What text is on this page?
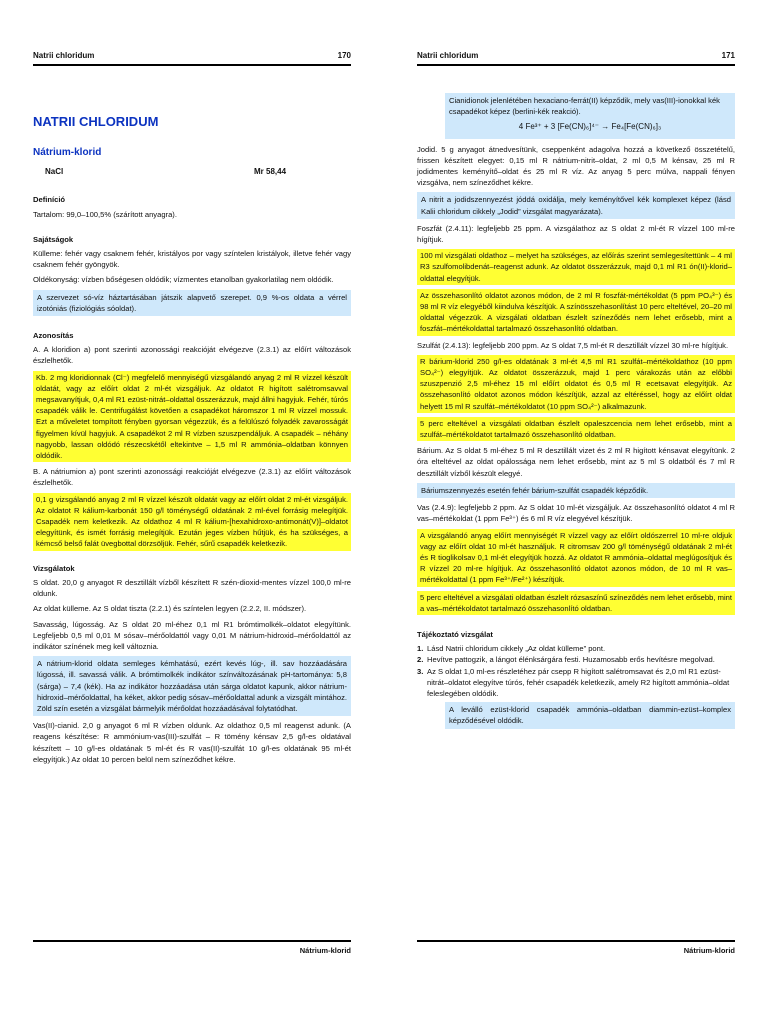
Natrii chloridum	170
NATRII CHLORIDUM
Nátrium-klorid
NaCl	Mr 58,44
Definíció

Tartalom: 99,0–100,5% (szárított anyagra).

Sajátságok

Külleme: fehér vagy csaknem fehér, kristályos por vagy színtelen kristályok, illetve fehér vagy csaknem fehér gyöngyök.

Oldékonyság: vízben bőségesen oldódik; vízmentes etanolban gyakorlatilag nem oldódik.

A szervezet só-víz háztartásában játszik alapvető szerepet. 0,9 %-os oldata a vérrel izotóniás (fiziológiás sóoldat).

Azonosítás

A. A kloridion a) pont szerinti azonossági reakcióját elvégezve (2.3.1) az előírt változások észlelhetők.

Kb. 2 mg kloridionnak (Cl⁻) megfelelő mennyiségű vizsgálandó anyag 2 ml R vízzel készült oldatát, vagy az előírt oldat 2 ml-ét vizsgáljuk. Az oldatot R higított salétromsavval megsavanyítjuk, 0,4 ml R1 ezüst-nitrát–oldattal összerázzuk, majd állni hagyjuk. Fehér, túrós csapadék válik le. Centrifugálást követően a csapadékot háromszor 1 ml R vízzel mossuk. Ezt a műveletet tompított fényben gyorsan végezzük, és a felülúszó folyadék zavarosságát figyelmen kívül hagyjuk. A csapadékot 2 ml R vízben szuszpendáljuk. A csapadék – néhány nagyobb, lassan oldódó részecskétől eltekintve – 1,5 ml R ammónia–oldatban könnyen oldódik.

B. A nátriumion a) pont szerinti azonossági reakcióját elvégezve (2.3.1) az előírt változások észlelhetők.

0,1 g vizsgálandó anyag 2 ml R vízzel készült oldatát vagy az előírt oldat 2 ml-ét vizsgáljuk. Az oldatot R kálium-karbonát 150 g/l töménységű oldatának 2 ml-ével forrásig melegítjük. Csapadék nem keletkezik. Az oldathoz 4 ml R kálium-[hexahidroxo-antimonát(V)]–oldatot elegyítünk, és ismét forrásig melegítjük. Ezután jeges vízben hűtjük, és ha szükséges, a kémcső belső falát üvegbottal dörzsöljük. Fehér, sűrű csapadék keletkezik.

Vizsgálatok

S oldat. 20,0 g anyagot R desztillált vízből készített R szén-dioxid-mentes vízzel 100,0 ml-re oldunk.

Az oldat külleme. Az S oldat tiszta (2.2.1) és színtelen legyen (2.2.2, II. módszer).

Savasság, lúgosság. Az S oldat 20 ml-éhez 0,1 ml R1 brómtimolkék–oldatot elegyítünk. Legfeljebb 0,5 ml 0,01 M sósav–mérőoldattól vagy 0,01 M nátrium-hidroxid–mérőoldattól az indikátor színének meg kell változnia.

A nátrium-klorid oldata semleges kémhatású, ezért kevés lúg-, ill. sav hozzáadására lúgossá, ill. savassá válik. A brómtimolkék indikátor színváltozásának pH-tartománya: 5,8 (sárga) – 7,4 (kék). Ha az indikátor hozzáadása után sárga oldatot kapunk, akkor nátrium-hidroxid–mérőoldattal, ha kéket, akkor pedig sósav–mérőoldattal adunk a vizsgált mintához. Zöld szín esetén a vizsgálat bármelyik mérőoldat hozzáadásával folytatódhat.

Vas(II)-cianid. 2,0 g anyagot 6 ml R vízben oldunk. Az oldathoz 0,5 ml reagenst adunk. (A reagens készítése: R ammónium-vas(III)-szulfát – R tömény kénsav 2,5 g/l-es oldatával készített – 10 g/l-es oldatának 5 ml-ét és R vas(II)-szulfát 10 g/l-es oldatának 95 ml-ét elegyítjük.) Az oldat 10 percen belül nem színeződhet kékre.

Nátrium-klorid
Natrii chloridum	171
Cianidionok jelenlétében hexaciano-ferrát(II) képződik, mely vas(III)-ionokkal kék csapadékot képez (berlini-kék reakció).
4 Fe³⁺ + 3 [Fe(CN)₆]⁴⁻ → Fe₄[Fe(CN)₆]₃

Jodid. 5 g anyagot átnedvesítünk, cseppenként adagolva hozzá a következő összetételű, frissen készített elegyet: 0,15 ml R nátrium-nitrit–oldat, 2 ml 0,5 M kénsav, 25 ml R jodidmentes keményítő–oldat és 25 ml R víz. Az anyag 5 perc múlva, nappali fényen vizsgálva, nem színeződhet kékre.

A nitrit a jodidszennyezést jóddá oxidálja, mely keményítővel kék komplexet képez (lásd Kalii chloridum cikkely „Jodid” vizsgálat magyarázata).

Foszfát (2.4.11): legfeljebb 25 ppm. A vizsgálathoz az S oldat 2 ml-ét R vízzel 100 ml-re hígítjuk.

100 ml vizsgálati oldathoz – melyet ha szükséges, az előírás szerint semlegesítettünk – 4 ml R3 szulfomolibdenát–reagenst adunk. Az oldatot összerázzuk, majd 0,1 ml R1 ón(II)-klorid–oldattal elegyítjük.

Az összehasonlító oldatot azonos módon, de 2 ml R foszfát-mértékoldat (5 ppm PO₄³⁻) és 98 ml R víz elegyéből kiindulva készítjük. A színösszehasonlítást 10 perc elteltével, 20–20 ml oldattal végezzük. A vizsgálati oldatban észlelt színeződés nem lehet erősebb, mint a foszfát–mértékoldattal tartalmazó összehasonlító oldatban.

Szulfát (2.4.13): legfeljebb 200 ppm. Az S oldat 7,5 ml-ét R desztillált vízzel 30 ml-re hígítjuk.

R bárium-klorid 250 g/l-es oldatának 3 ml-ét 4,5 ml R1 szulfát–mértékoldathoz (10 ppm SO₄²⁻) elegyítjük. Az oldatot összerázzuk, majd 1 perc várakozás után az előbbi szuszpenzió 2,5 ml-éhez 15 ml előírt oldatot és 0,5 ml R ecetsavat elegyítjük. Az összehasonlító oldatot azonos módon készítjük, azzal az eltéréssel, hogy az előírt oldat helyett 15 ml R szulfát–mértékoldatot (10 ppm SO₄²⁻) alkalmazunk.

5 perc elteltével a vizsgálati oldatban észlelt opaleszcencia nem lehet erősebb, mint a szulfát–mértékoldatot tartalmazó összehasonlító oldatban.

Bárium. Az S oldat 5 ml-éhez 5 ml R desztillált vizet és 2 ml R higított kénsavat elegyítünk. 2 óra elteltével az oldat opálossága nem lehet erősebb, mint az 5 ml S oldatból és 7 ml R desztillált vízből készült elegyé.

Báriumszennyezés esetén fehér bárium-szulfát csapadék képződik.

Vas (2.4.9): legfeljebb 2 ppm. Az S oldat 10 ml-ét vizsgáljuk. Az összehasonlító oldatot 4 ml R vas–mértékoldat (1 ppm Fe³⁺) és 6 ml R víz elegyével készítjük.

A vizsgálandó anyag előírt mennyiségét R vízzel vagy az előírt oldószerrel 10 ml-re oldjuk vagy az előírt oldat 10 ml-ét használjuk. R citromsav 200 g/l töménységű oldatának 2 ml-ét és R tioglikolsav 0,1 ml-ét elegyítjük hozzá. Az oldatot R ammónia–oldattal meglúgosítjuk és R vízzel 20 ml-re hígítjuk. Az összehasonlító oldatot azonos módon, de 10 ml R vas–mértékoldattal (1 ppm Fe³⁺/Fe²⁺) készítjük.

5 perc elteltével a vizsgálati oldatban észlelt rózsaszínű színeződés nem lehet erősebb, mint a vas–mértékoldatot tartalmazó összehasonlító oldatban.

Tájékoztató vizsgálat
1. Lásd Natrii chloridum cikkely „Az oldat külleme” pont.
2. Hevítve pattogzik, a lángot élénksárgára festi. Huzamosabb erős hevítésre megolvad.
3. Az S oldat 1,0 ml-es részletéhez pár csepp R higított salétromsavat és 2,0 ml R1 ezüst-nitrát–oldatot elegyítve túrós, fehér csapadék keletkezik, amely R2 higított ammónia–oldat feleslegében oldódik.

A leválló ezüst-klorid csapadék ammónia–oldatban diammin-ezüst–komplex képződésével oldódik.

Nátrium-klorid
